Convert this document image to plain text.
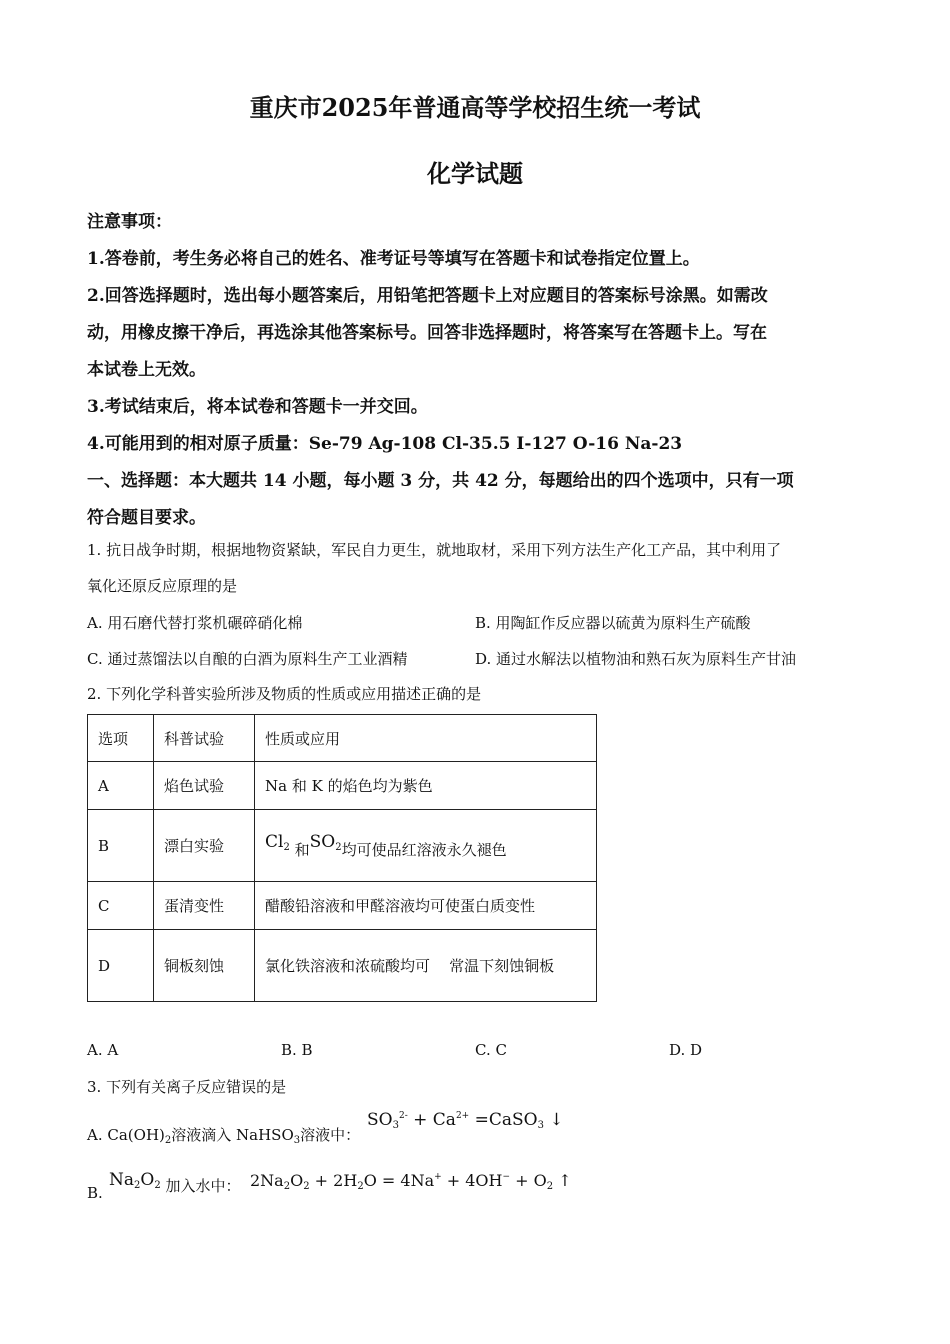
重庆市2025年普通高等学校招生统一考试
化学试题
注意事项：
1.答卷前，考生务必将自己的姓名、准考证号等填写在答题卡和试卷指定位置上。
2.回答选择题时，选出每小题答案后，用铅笔把答题卡上对应题目的答案标号涂黑。如需改
动，用橡皮擦干净后，再选涂其他答案标号。回答非选择题时，将答案写在答题卡上。写在
本试卷上无效。
3.考试结束后，将本试卷和答题卡一并交回。
4.可能用到的相对原子质量：Se-79 Ag-108 Cl-35.5 I-127 O-16 Na-23
一、选择题：本大题共 14 小题，每小题 3 分，共 42 分，每题给出的四个选项中，只有一项
符合题目要求。
1. 抗日战争时期，根据地物资紧缺，军民自力更生，就地取材，采用下列方法生产化工产品，其中利用了
氧化还原反应原理的是
A. 用石磨代替打浆机碾碎硝化棉	B. 用陶缸作反应器以硫黄为原料生产硫酸
C. 通过蒸馏法以自酿的白酒为原料生产工业酒精	D. 通过水解法以植物油和熟石灰为原料生产甘油
2. 下列化学科普实验所涉及物质的性质或应用描述正确的是
选项	科普试验	性质或应用
A	焰色试验	Na 和 K 的焰色均为紫色
B	漂白实验	$Cl_2$ 和$SO_2$均可使品红溶液永久褪色
C	蛋清变性	醋酸铅溶液和甲醛溶液均可使蛋白质变性
D	铜板刻蚀	氯化铁溶液和浓硫酸均可    常温下刻蚀铜板
A. A	B. B	C. C	D. D
3. 下列有关离子反应错误的是
A. $Ca(OH)_2$溶液滴入 NaHSO$_3$溶液中：
$SO_3^{2-} + Ca^{2+}$ =CaSO$_3$ ↓
B.
$Na_2O_2$ 加入水中： $2Na_2O_2 + 2H_2O = 4Na^+ + 4OH^- + O_2$ ↑
